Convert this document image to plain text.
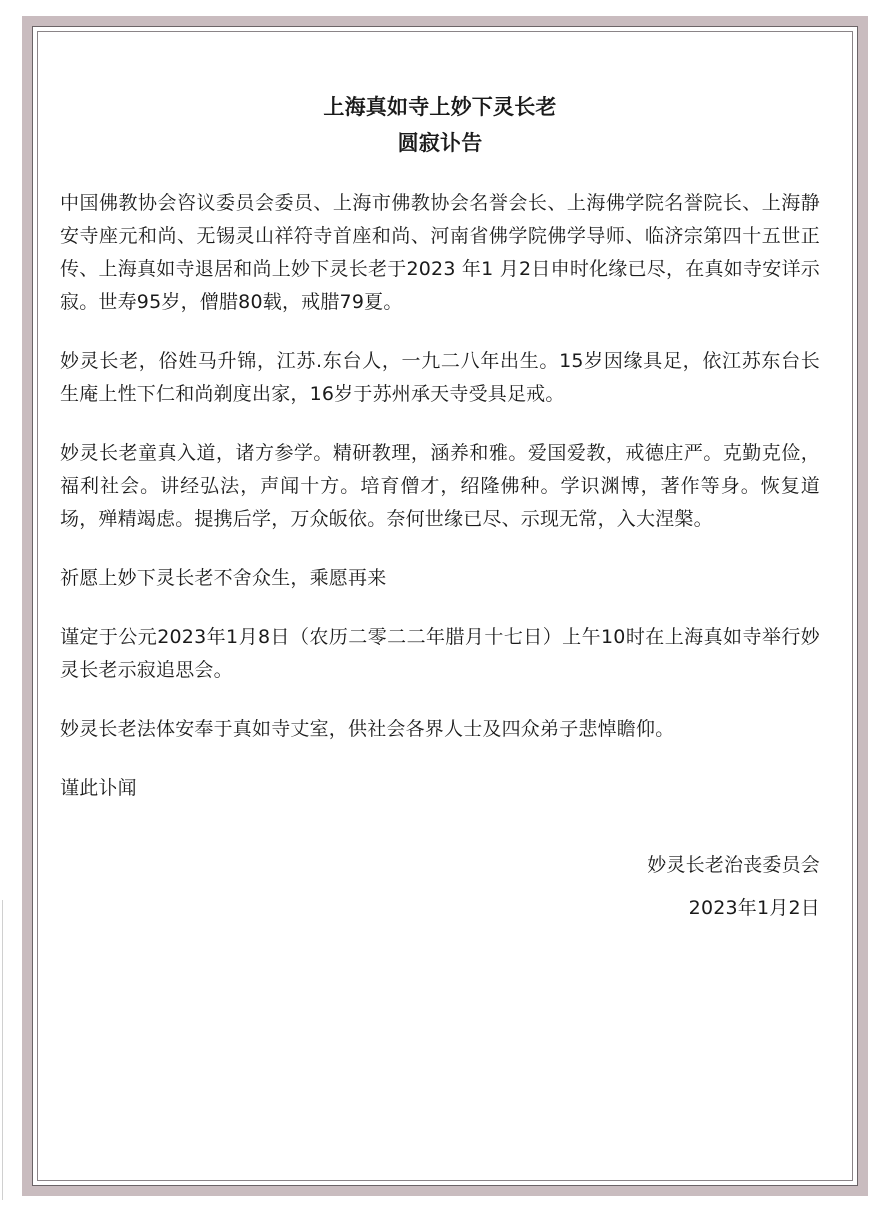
上海真如寺上妙下灵长老

圆寂讣告

中国佛教协会咨议委员会委员、上海市佛教协会名誉会长、上海佛学院名誉院长、上海静安寺座元和尚、无锡灵山祥符寺首座和尚、河南省佛学院佛学导师、临济宗第四十五世正传、上海真如寺退居和尚上妙下灵长老于2023 年1 月2日申时化缘已尽，在真如寺安详示寂。世寿95岁，僧腊80载，戒腊79夏。

妙灵长老，俗姓马升锦，江苏.东台人，一九二八年出生。15岁因缘具足，依江苏东台长生庵上性下仁和尚剃度出家，16岁于苏州承天寺受具足戒。

妙灵长老童真入道，诸方参学。精研教理，涵养和雅。爱国爱教，戒德庄严。克勤克俭，福利社会。讲经弘法，声闻十方。培育僧才，绍隆佛种。学识渊博，著作等身。恢复道场，殚精竭虑。提携后学，万众皈依。奈何世缘已尽、示现无常，入大涅槃。

祈愿上妙下灵长老不舍众生，乘愿再来

谨定于公元2023年1月8日（农历二零二二年腊月十七日）上午10时在上海真如寺举行妙灵长老示寂追思会。

妙灵长老法体安奉于真如寺丈室，供社会各界人士及四众弟子悲悼瞻仰。

谨此讣闻

妙灵长老治丧委员会

2023年1月2日
